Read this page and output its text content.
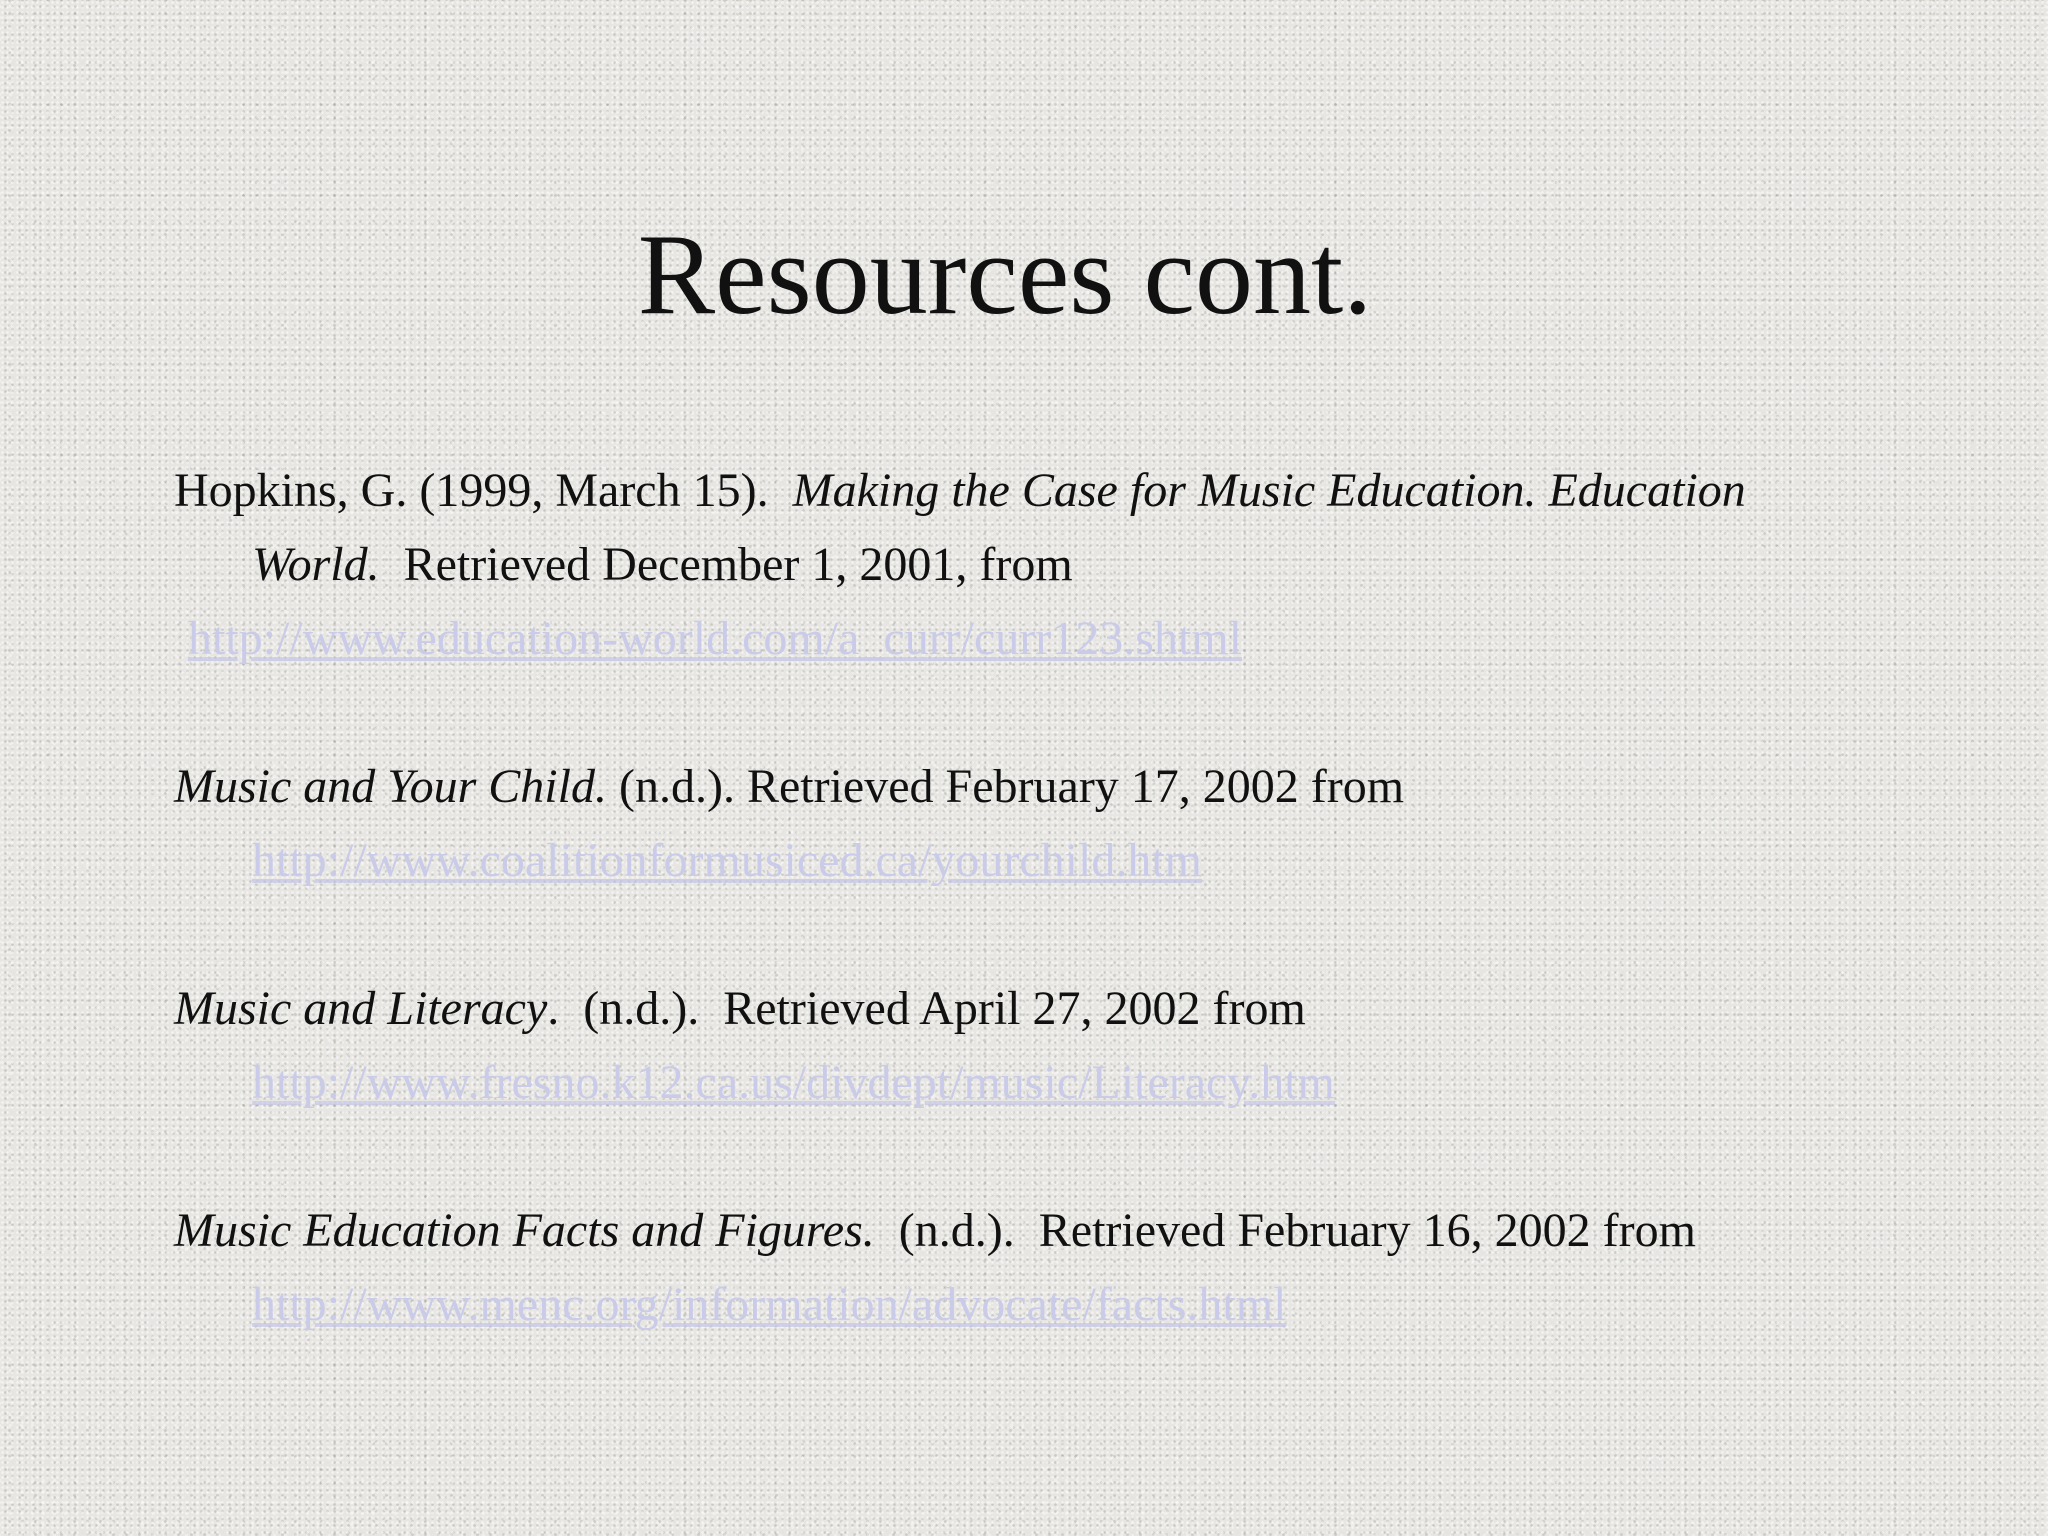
Resources cont.
Hopkins, G. (1999, March 15). Making the Case for Music Education. Education
World. Retrieved December 1, 2001, from
http://www.education-world.com/a_curr/curr123.shtml
Music and Your Child. (n.d.). Retrieved February 17, 2002 from
http://www.coalitionformusiced.ca/yourchild.htm
Music and Literacy.  (n.d.).  Retrieved April 27, 2002 from
http://www.fresno.k12.ca.us/divdept/music/Literacy.htm
Music Education Facts and Figures.  (n.d.).  Retrieved February 16, 2002 from
http://www.menc.org/information/advocate/facts.html
